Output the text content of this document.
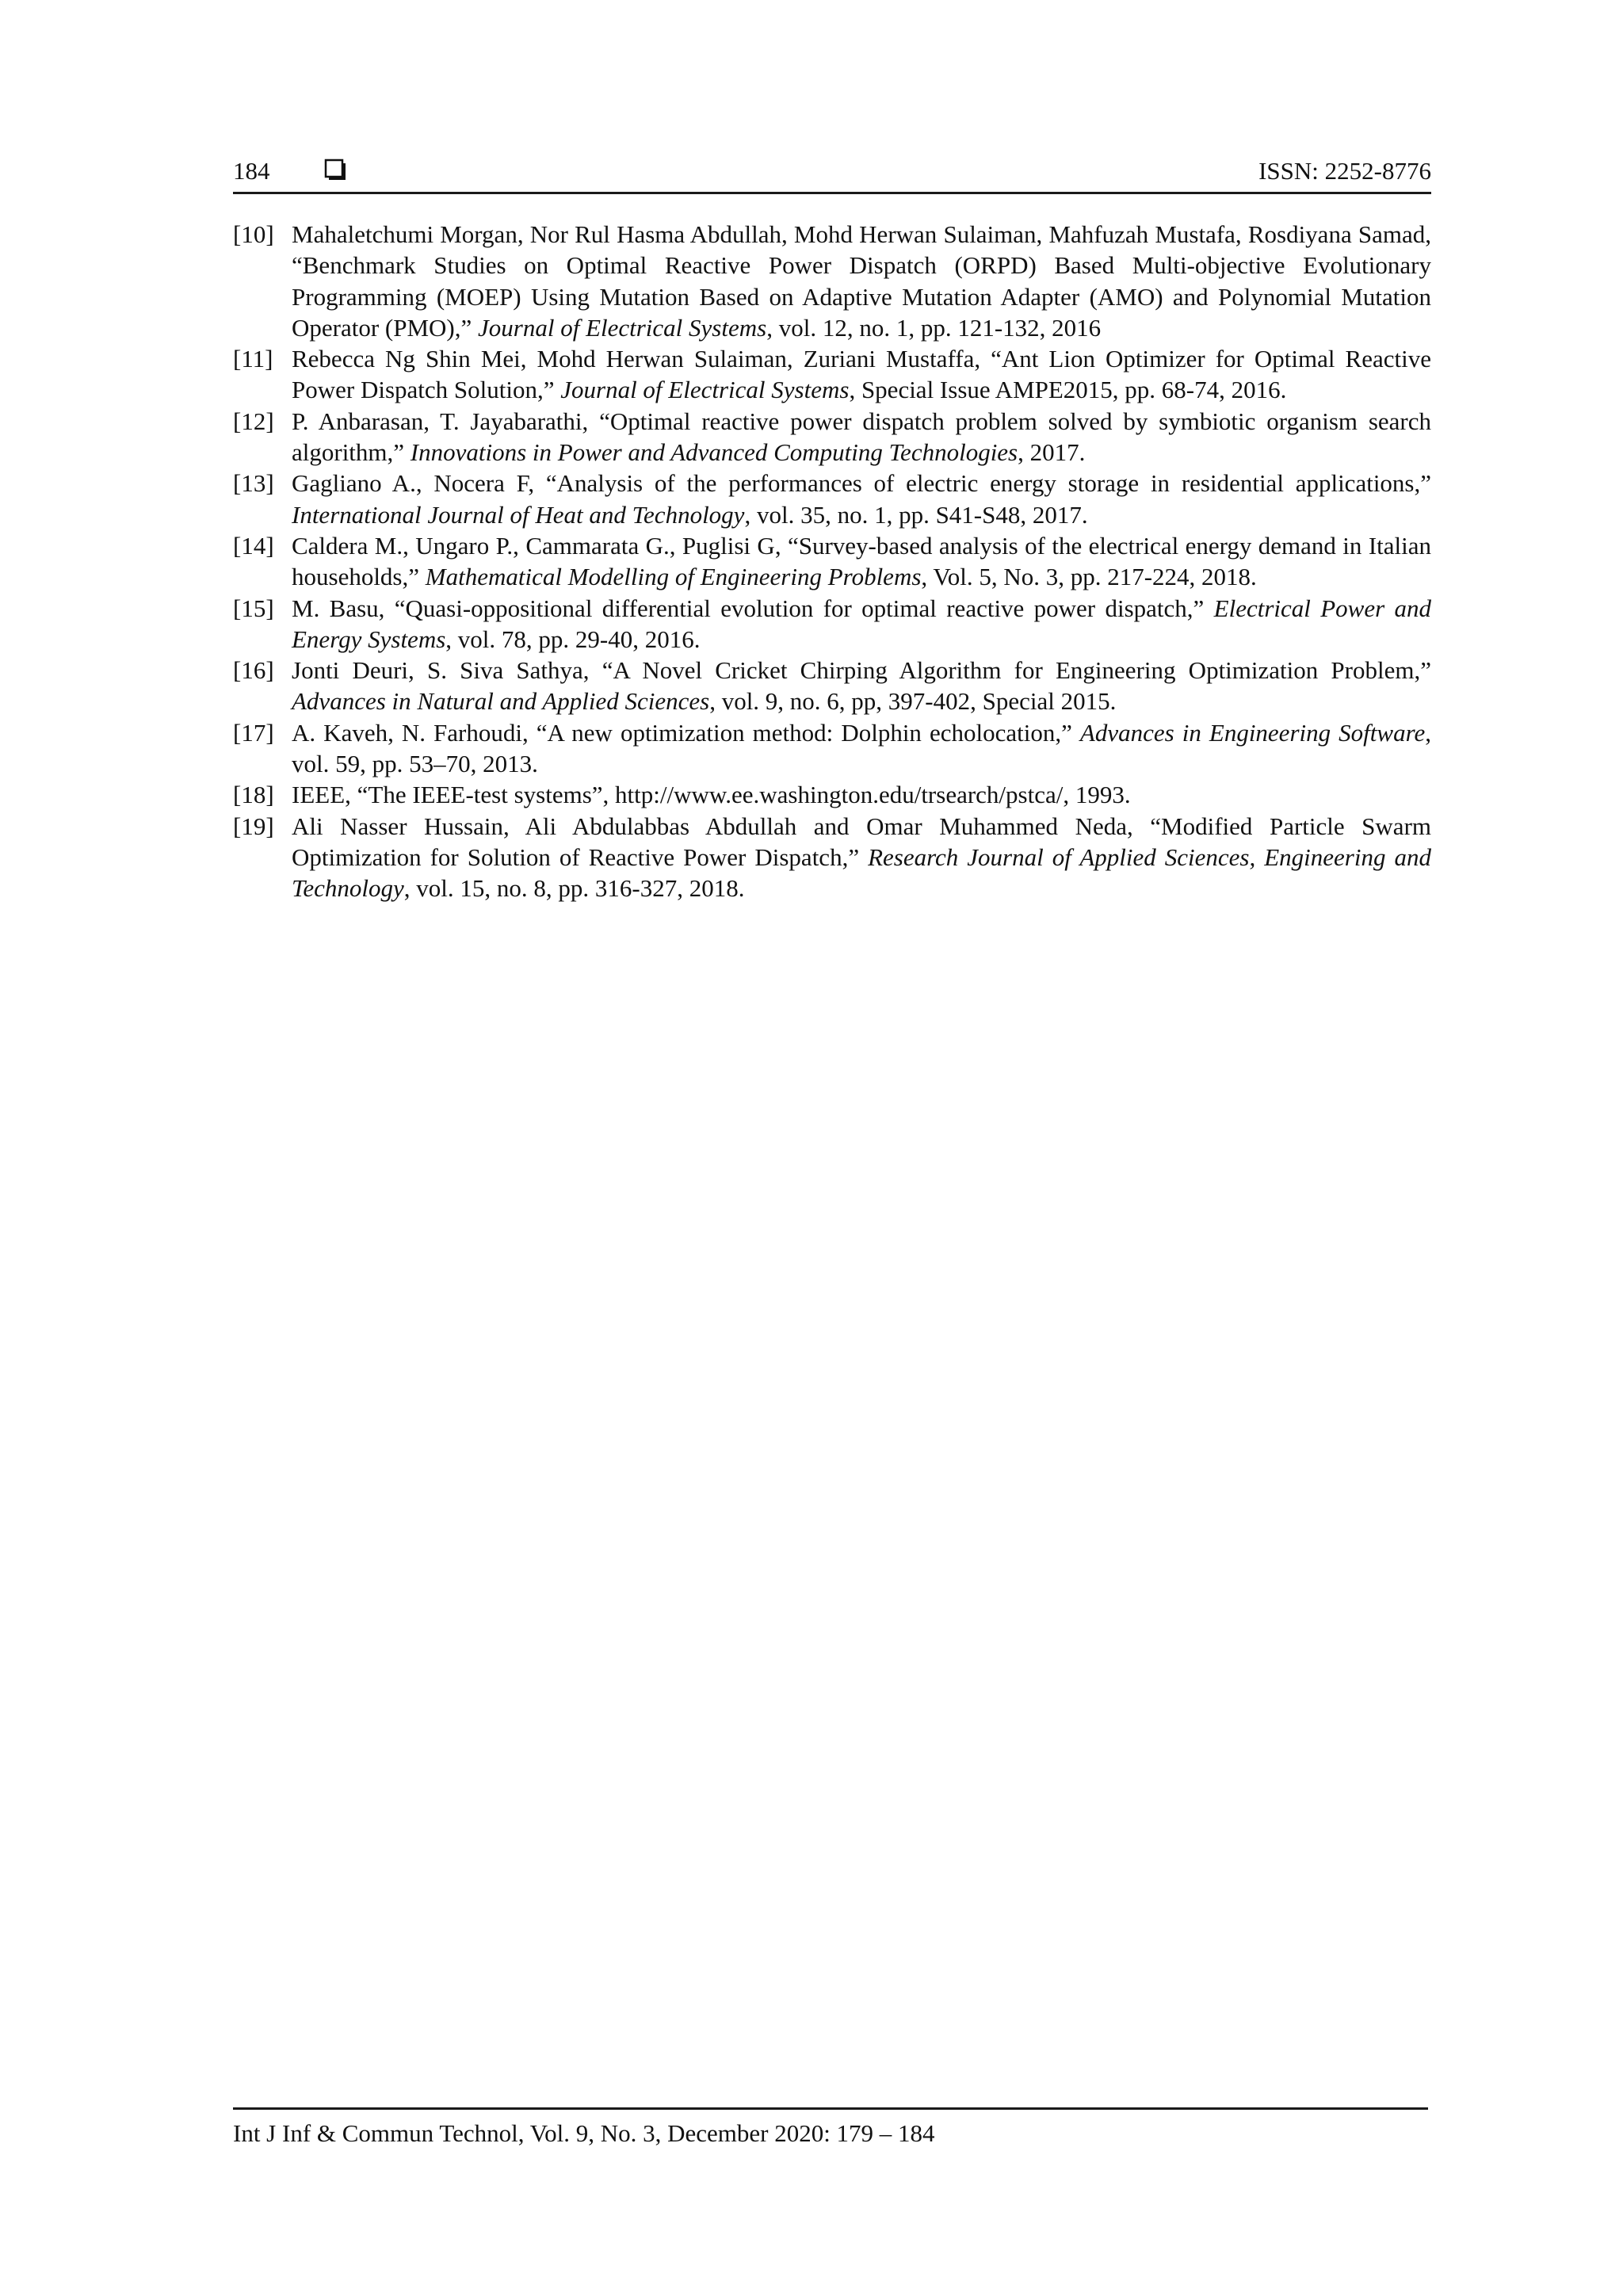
184	ISSN: 2252-8776
[10] Mahaletchumi Morgan, Nor Rul Hasma Abdullah, Mohd Herwan Sulaiman, Mahfuzah Mustafa, Rosdiyana Samad, “Benchmark Studies on Optimal Reactive Power Dispatch (ORPD) Based Multi-objective Evolutionary Programming (MOEP) Using Mutation Based on Adaptive Mutation Adapter (AMO) and Polynomial Mutation Operator (PMO),” Journal of Electrical Systems, vol. 12, no. 1, pp. 121-132, 2016
[11] Rebecca Ng Shin Mei, Mohd Herwan Sulaiman, Zuriani Mustaffa, “Ant Lion Optimizer for Optimal Reactive Power Dispatch Solution,” Journal of Electrical Systems, Special Issue AMPE2015, pp. 68-74, 2016.
[12] P. Anbarasan, T. Jayabarathi, “Optimal reactive power dispatch problem solved by symbiotic organism search algorithm,” Innovations in Power and Advanced Computing Technologies, 2017.
[13] Gagliano A., Nocera F, “Analysis of the performances of electric energy storage in residential applications,” International Journal of Heat and Technology, vol. 35, no. 1, pp. S41-S48, 2017.
[14] Caldera M., Ungaro P., Cammarata G., Puglisi G, “Survey-based analysis of the electrical energy demand in Italian households,” Mathematical Modelling of Engineering Problems, Vol. 5, No. 3, pp. 217-224, 2018.
[15] M. Basu, “Quasi-oppositional differential evolution for optimal reactive power dispatch,” Electrical Power and Energy Systems, vol. 78, pp. 29-40, 2016.
[16] Jonti Deuri, S. Siva Sathya, “A Novel Cricket Chirping Algorithm for Engineering Optimization Problem,” Advances in Natural and Applied Sciences, vol. 9, no. 6, pp, 397-402, Special 2015.
[17] A. Kaveh, N. Farhoudi, “A new optimization method: Dolphin echolocation,” Advances in Engineering Software, vol. 59, pp. 53–70, 2013.
[18] IEEE, “The IEEE-test systems”, http://www.ee.washington.edu/trsearch/pstca/, 1993.
[19] Ali Nasser Hussain, Ali Abdulabbas Abdullah and Omar Muhammed Neda, “Modified Particle Swarm Optimization for Solution of Reactive Power Dispatch,” Research Journal of Applied Sciences, Engineering and Technology, vol. 15, no. 8, pp. 316-327, 2018.
Int J Inf & Commun Technol, Vol. 9, No. 3, December 2020: 179 – 184
